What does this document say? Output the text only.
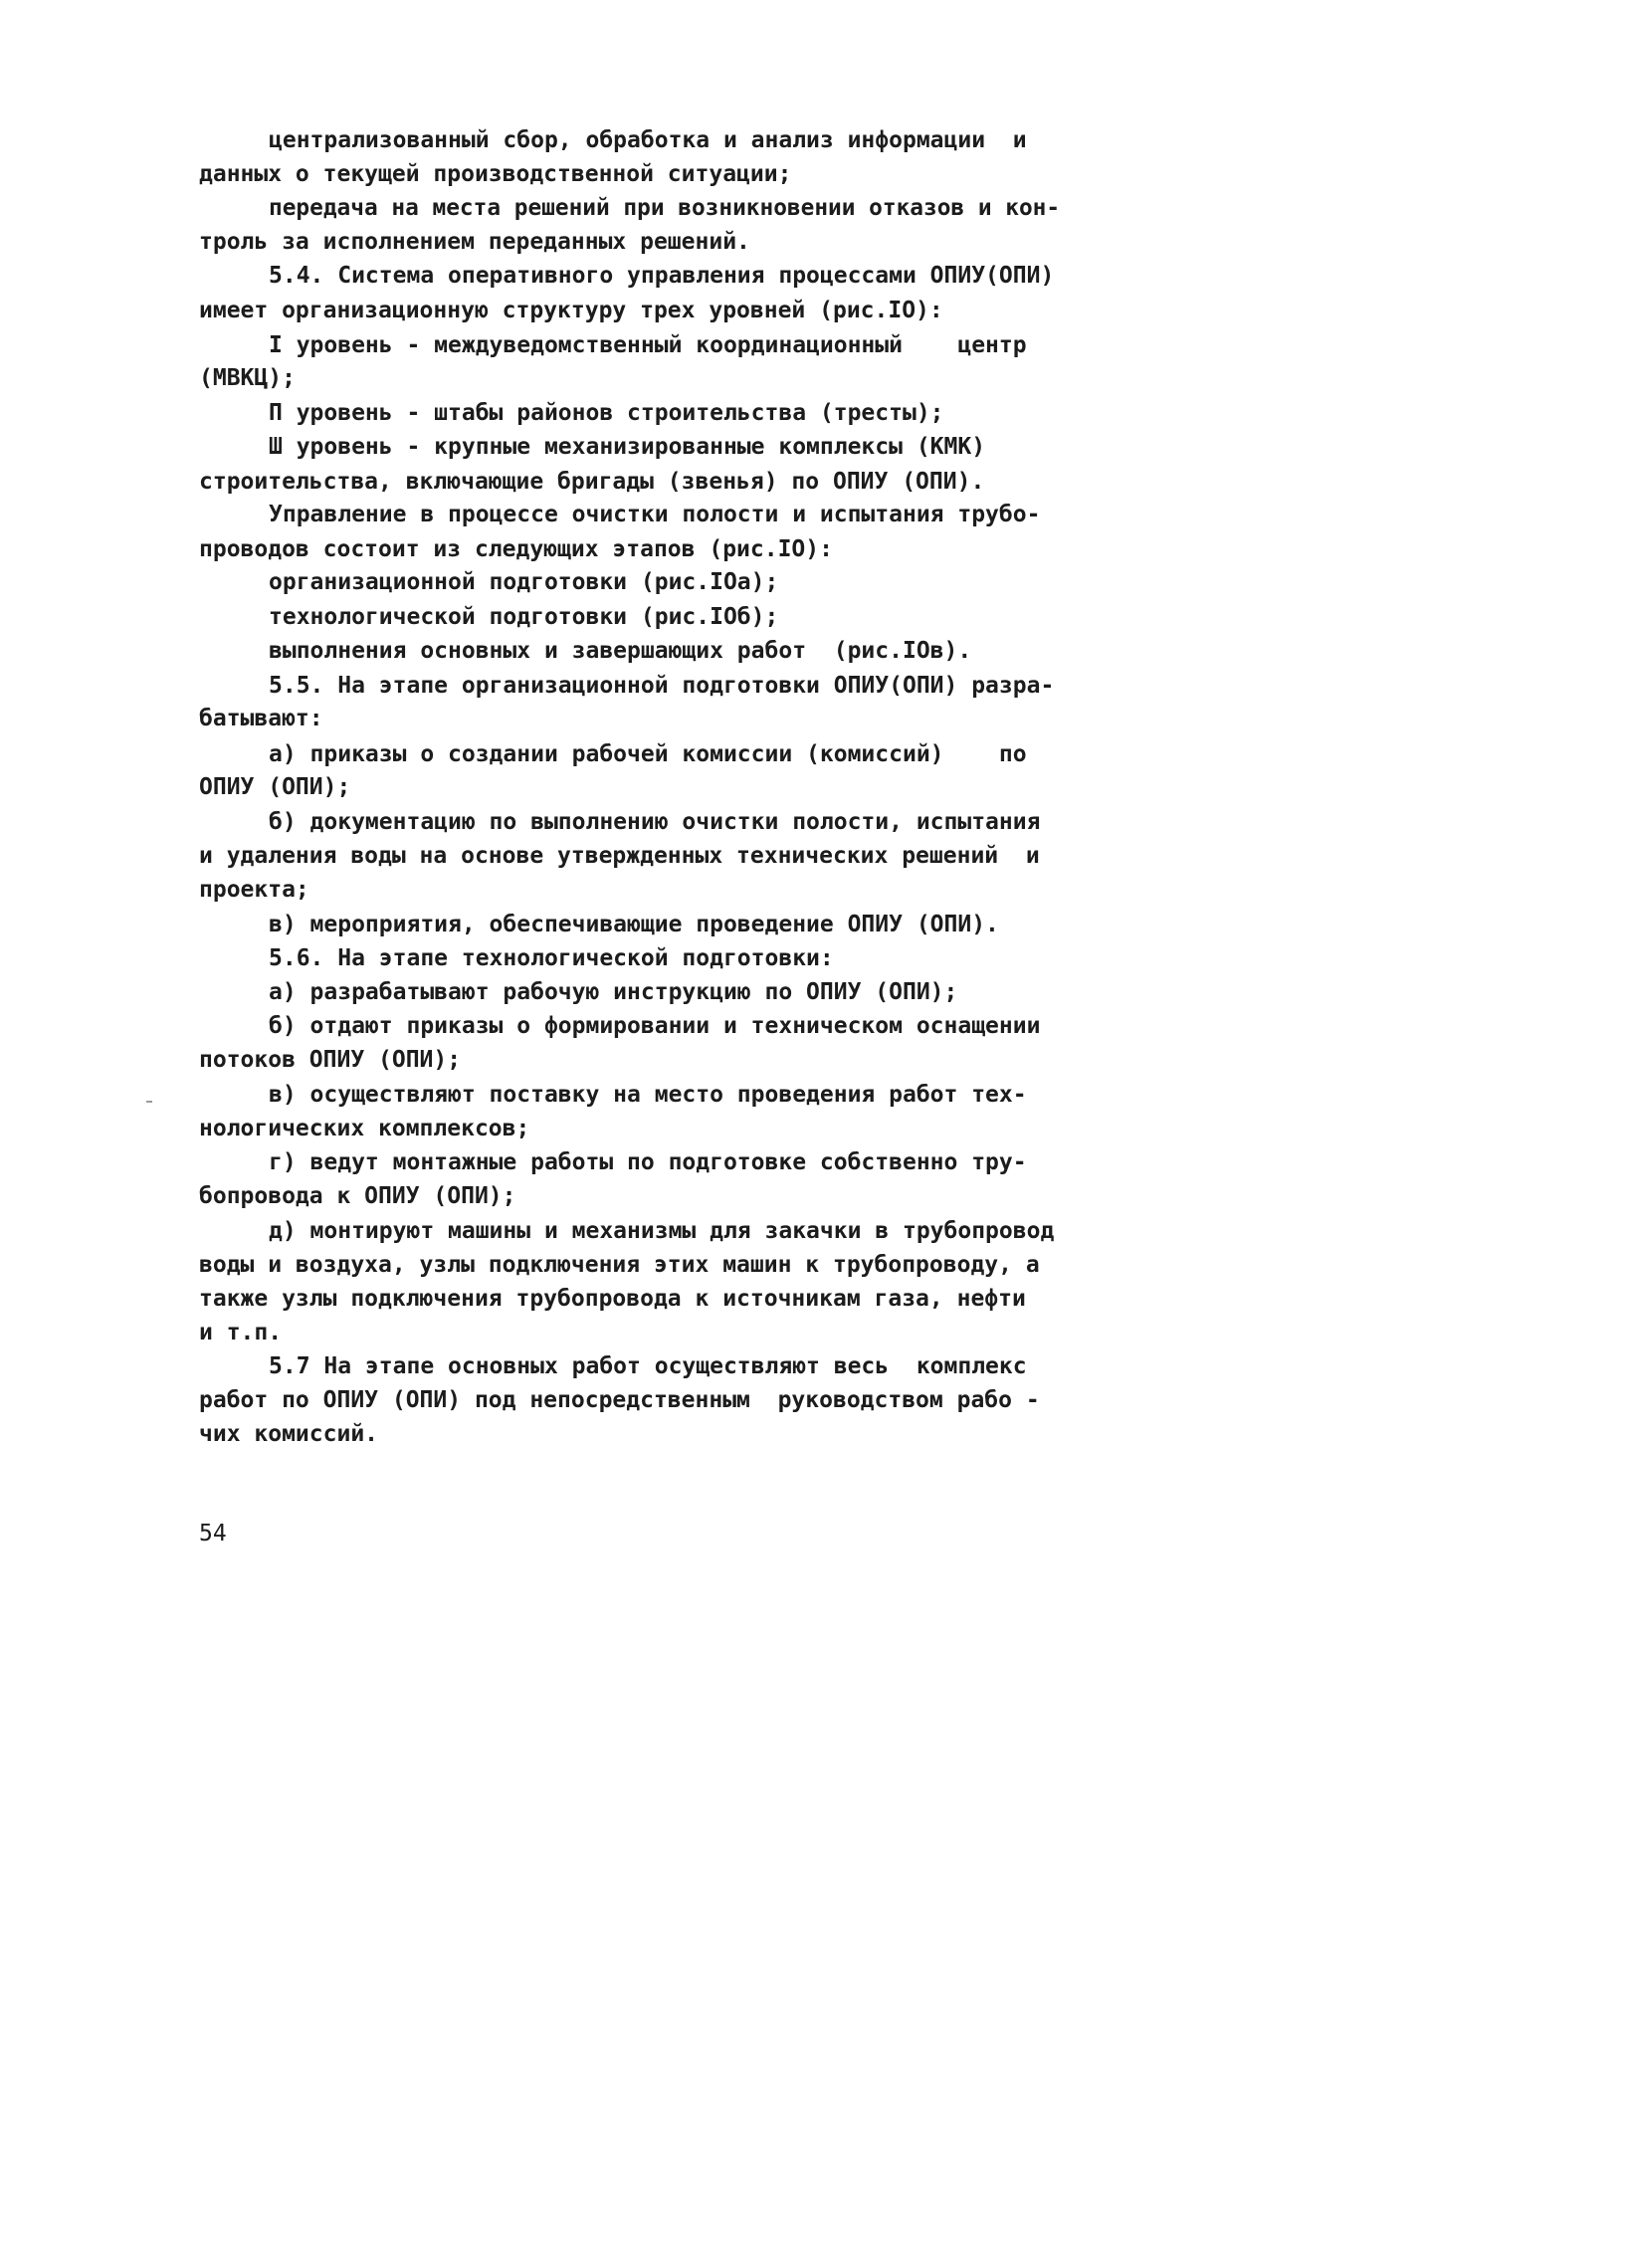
централизованный сбор, обработка и анализ информации  и
данных о текущей производственной ситуации;
передача на места решений при возникновении отказов и кон-
троль за исполнением переданных решений.
5.4. Система оперативного управления процессами ОПИУ(ОПИ)
имеет организационную структуру трех уровней (рис.IO):
I уровень - междуведомственный координационный    центр
(МВКЦ);
П уровень - штабы районов строительства (тресты);
Ш уровень - крупные механизированные комплексы (КМК)
строительства, включающие бригады (звенья) по ОПИУ (ОПИ).
Управление в процессе очистки полости и испытания трубо-
проводов состоит из следующих этапов (рис.IO):
организационной подготовки (рис.IOа);
технологической подготовки (рис.IOб);
выполнения основных и завершающих работ  (рис.IOв).
5.5. На этапе организационной подготовки ОПИУ(ОПИ) разра-
батывают:
а) приказы о создании рабочей комиссии (комиссий)    по
ОПИУ (ОПИ);
б) документацию по выполнению очистки полости, испытания
и удаления воды на основе утвержденных технических решений  и
проекта;
в) мероприятия, обеспечивающие проведение ОПИУ (ОПИ).
5.6. На этапе технологической подготовки:
а) разрабатывают рабочую инструкцию по ОПИУ (ОПИ);
б) отдают приказы о формировании и техническом оснащении
потоков ОПИУ (ОПИ);
в) осуществляют поставку на место проведения работ тех-
нологических комплексов;
г) ведут монтажные работы по подготовке собственно тру-
бопровода к ОПИУ (ОПИ);
д) монтируют машины и механизмы для закачки в трубопровод
воды и воздуха, узлы подключения этих машин к трубопроводу, а
также узлы подключения трубопровода к источникам газа, нефти
и т.п.
5.7 На этапе основных работ осуществляют весь  комплекс
работ по ОПИУ (ОПИ) под непосредственным  руководством рабо -
чих комиссий.
54
